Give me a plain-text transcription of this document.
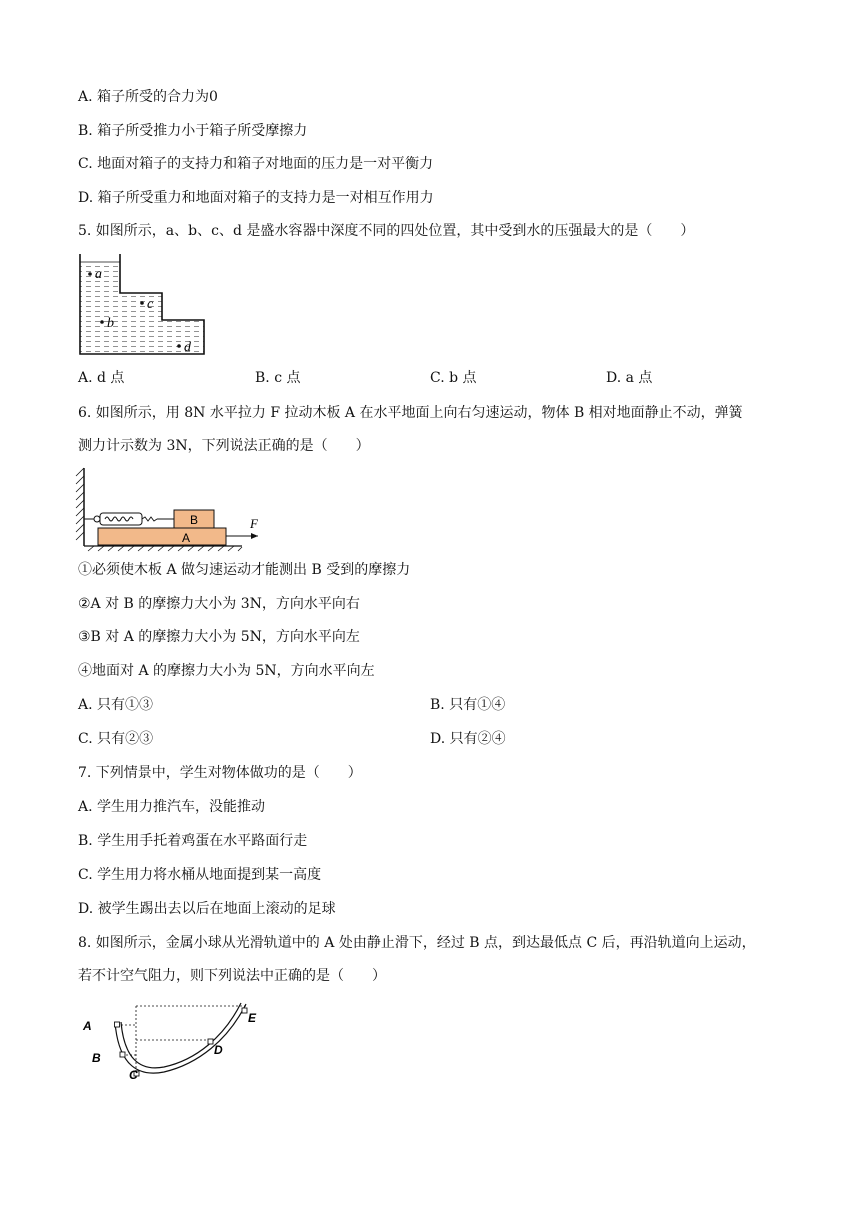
A. 箱子所受的合力为0
B. 箱子所受推力小于箱子所受摩擦力
C. 地面对箱子的支持力和箱子对地面的压力是一对平衡力
D. 箱子所受重力和地面对箱子的支持力是一对相互作用力
5. 如图所示，a、b、c、d 是盛水容器中深度不同的四处位置，其中受到水的压强最大的是（　　）
a
c
b
d
A. d 点	B. c 点	C. b 点	D. a 点
6. 如图所示，用 8N 水平拉力 F 拉动木板 A 在水平地面上向右匀速运动，物体 B 相对地面静止不动，弹簧
测力计示数为 3N，下列说法正确的是（　　）
B
A
F
①必须使木板 A 做匀速运动才能测出 B 受到的摩擦力
②A 对 B 的摩擦力大小为 3N，方向水平向右
③B 对 A 的摩擦力大小为 5N，方向水平向左
④地面对 A 的摩擦力大小为 5N，方向水平向左
A. 只有①③	B. 只有①④
C. 只有②③	D. 只有②④
7. 下列情景中，学生对物体做功的是（　　）
A. 学生用力推汽车，没能推动
B. 学生用手托着鸡蛋在水平路面行走
C. 学生用力将水桶从地面提到某一高度
D. 被学生踢出去以后在地面上滚动的足球
8. 如图所示，金属小球从光滑轨道中的 A 处由静止滑下，经过 B 点，到达最低点 C 后，再沿轨道向上运动，
若不计空气阻力，则下列说法中正确的是（　　）
A
B
C
D
E
